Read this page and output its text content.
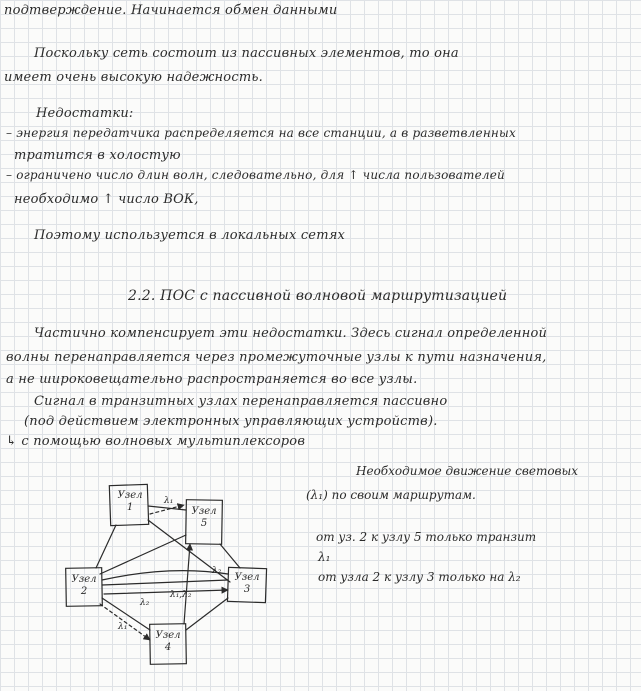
подтверждение. Начинается обмен данными
Поскольку сеть состоит из пассивных элементов, то она
имеет очень высокую надежность.
Недостатки:
– энергия передатчика распределяется на все станции, а в разветвленных
тратится в холостую
– ограничено число длин волн, следовательно, для ↑ числа пользователей
необходимо ↑ число ВОК,
Поэтому используется в локальных сетях
2.2. ПОС с пассивной волновой маршрутизацией
Частично компенсирует эти недостатки. Здесь сигнал определенной
волны перенаправляется через промежуточные узлы к пути назначения,
а не широковещательно распространяется во все узлы.
Сигнал в транзитных узлах перенаправляется пассивно
(под действием электронных управляющих устройств).
↳ с помощью волновых мультиплексоров
Узел
1	Узел
5
Узел
2
Узел
3
Узел
4
λ₁
λ₂
λ₁
λ₁,λ₂
λ₂
Необходимое движение световых
(λ₁) по своим маршрутам.
от уз. 2 к узлу 5 только транзит
λ₁
от узла 2 к узлу 3 только на λ₂
